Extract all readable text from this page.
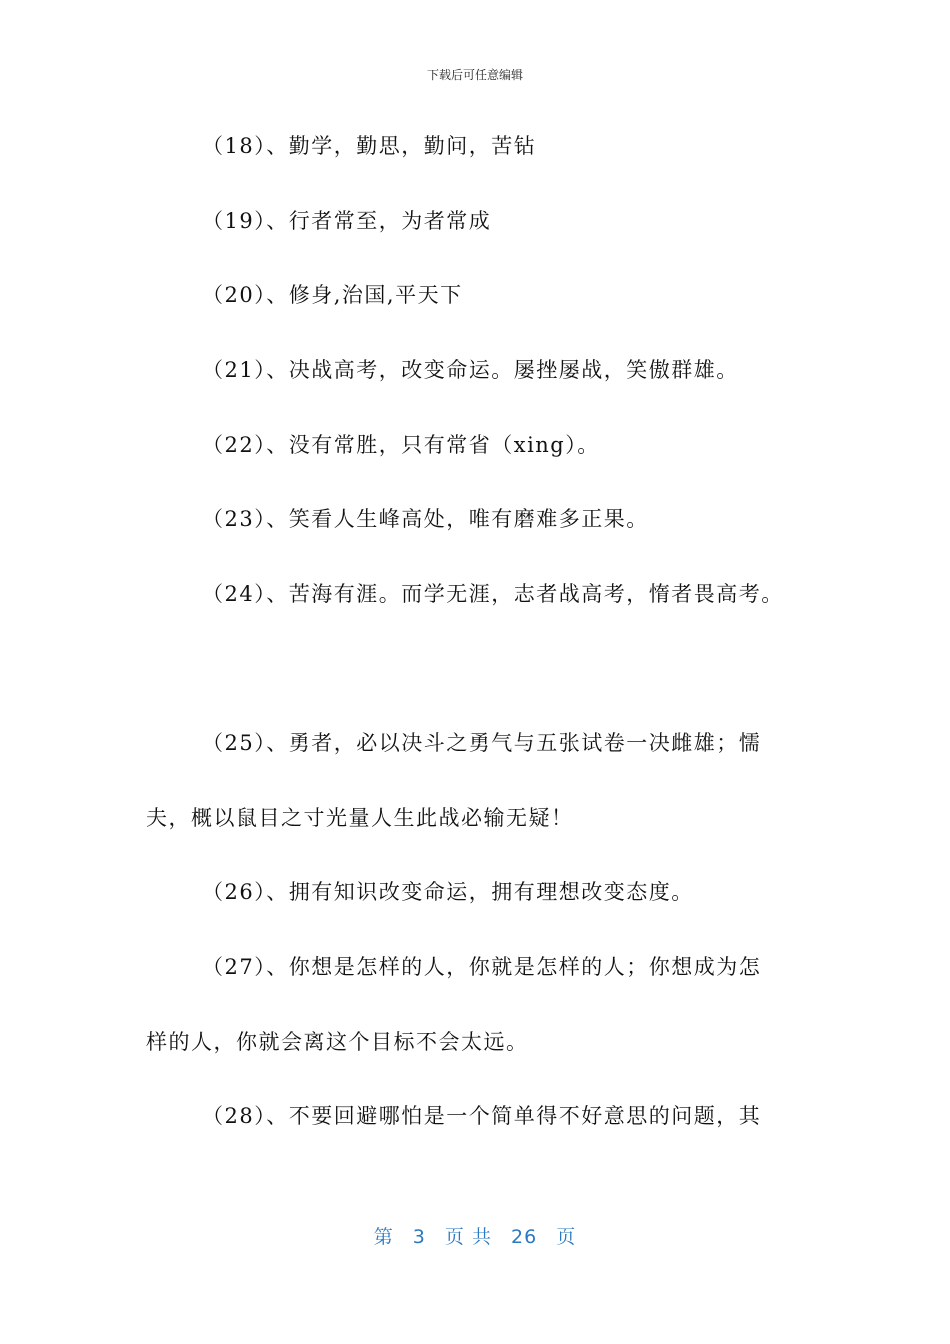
下载后可任意编辑
（18）、勤学，勤思，勤问，苦钻
（19）、行者常至，为者常成
（20）、修身,治国,平天下
（21）、决战高考，改变命运。屡挫屡战，笑傲群雄。
（22）、没有常胜，只有常省（xing）。
（23）、笑看人生峰高处，唯有磨难多正果。
（24）、苦海有涯。而学无涯，志者战高考，惰者畏高考。
（25）、勇者，必以决斗之勇气与五张试卷一决雌雄；懦
夫，概以鼠目之寸光量人生此战必输无疑！
（26）、拥有知识改变命运，拥有理想改变态度。
（27）、你想是怎样的人，你就是怎样的人；你想成为怎
样的人，你就会离这个目标不会太远。
（28）、不要回避哪怕是一个简单得不好意思的问题，其
第 3 页 共 26 页
